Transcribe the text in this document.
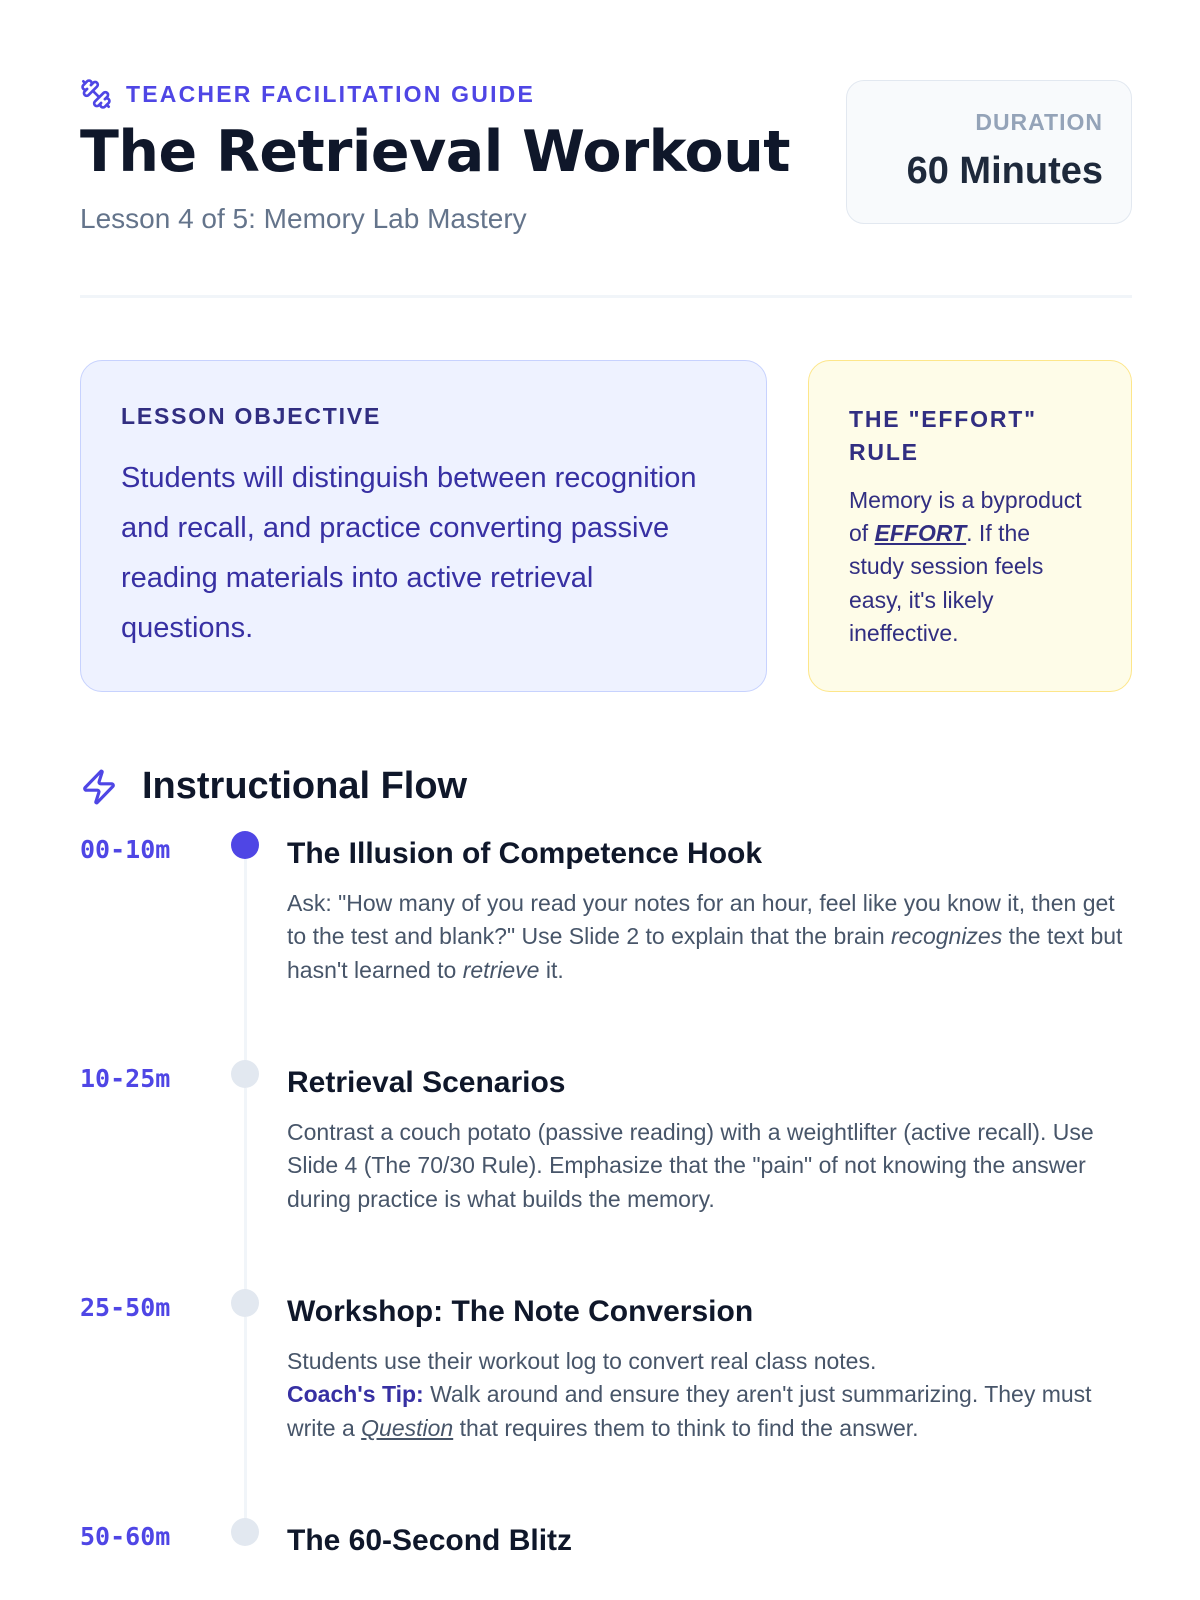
TEACHER FACILITATION GUIDE
The Retrieval Workout
Lesson 4 of 5: Memory Lab Mastery
DURATION
60 Minutes
LESSON OBJECTIVE

Students will distinguish between recognition and recall, and practice converting passive reading materials into active retrieval questions.

THE "EFFORT" RULE

Memory is a byproduct of EFFORT. If the study session feels easy, it's likely ineffective.

Instructional Flow
00-10m	The Illusion of Competence Hook

Ask: "How many of you read your notes for an hour, feel like you know it, then get to the test and blank?" Use Slide 2 to explain that the brain recognizes the text but hasn't learned to retrieve it.

10-25m	Retrieval Scenarios

Contrast a couch potato (passive reading) with a weightlifter (active recall). Use Slide 4 (The 70/30 Rule). Emphasize that the "pain" of not knowing the answer during practice is what builds the memory.

25-50m	Workshop: The Note Conversion

Students use their workout log to convert real class notes.
Coach's Tip: Walk around and ensure they aren't just summarizing. They must write a Question that requires them to think to find the answer.

50-60m	The 60-Second Blitz
